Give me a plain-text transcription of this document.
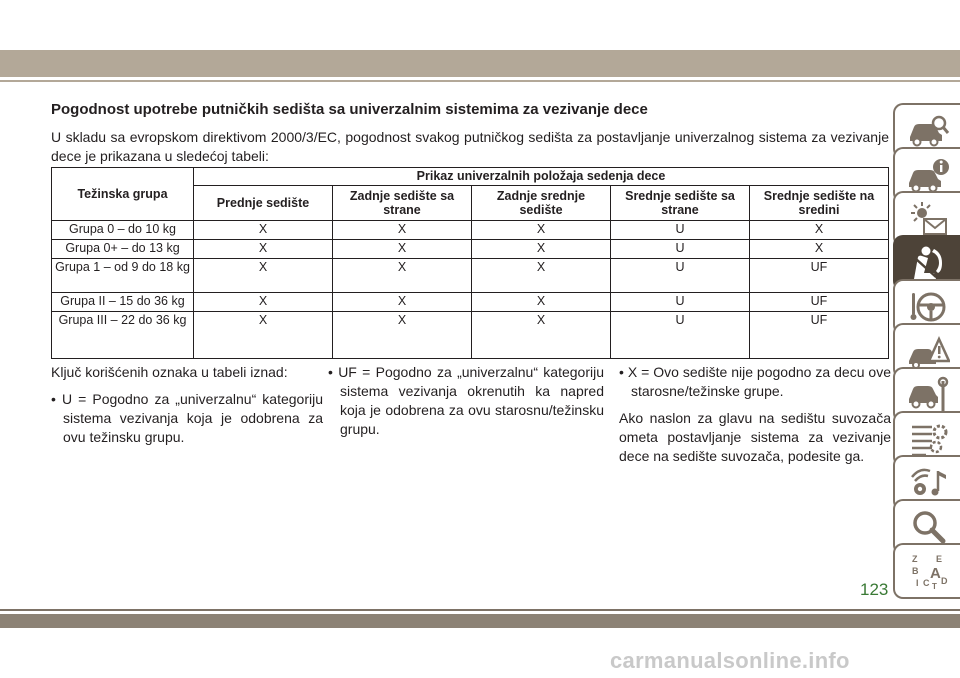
Pogodnost upotrebe putničkih sedišta sa univerzalnim sistemima za vezivanje dece

U skladu sa evropskom direktivom 2000/3/EC, pogodnost svakog putničkog sedišta za postavljanje univerzalnog sistema za vezivanje dece je prikazana u sledećoj tabeli:

Težinska grupa	Prikaz univerzalnih položaja sedenja dece				
	Prednje sedište	Zadnje sedište sa strane	Zadnje srednje sedište	Srednje sedište sa strane	Srednje sedište na sredini
Grupa 0 – do 10 kg	X	X	X	U	X
Grupa 0+ – do 13 kg	X	X	X	U	X
Grupa 1 – od 9 do 18 kg	X	X	X	U	UF
Grupa II – 15 do 36 kg	X	X	X	U	UF
Grupa III – 22 do 36 kg	X	X	X	U	UF

Ključ korišćenih oznaka u tabeli iznad:

• U = Pogodno za „univerzalnu“ kategoriju sistema vezivanja koja je odobrena za ovu težinsku grupu.

• UF = Pogodno za „univerzalnu“ kategoriju sistema vezivanja okrenutih ka napred koja je odobrena za ovu starosnu/težinsku grupu.

• X = Ovo sedište nije pogodno za decu ove starosne/težinske grupe.

Ako naslon za glavu na sedištu suvozača ometa postavljanje sistema za vezivanje dece na sedište suvozača, podesite ga.

Z E
B A
I C T
D
123
carmanualsonline.info
